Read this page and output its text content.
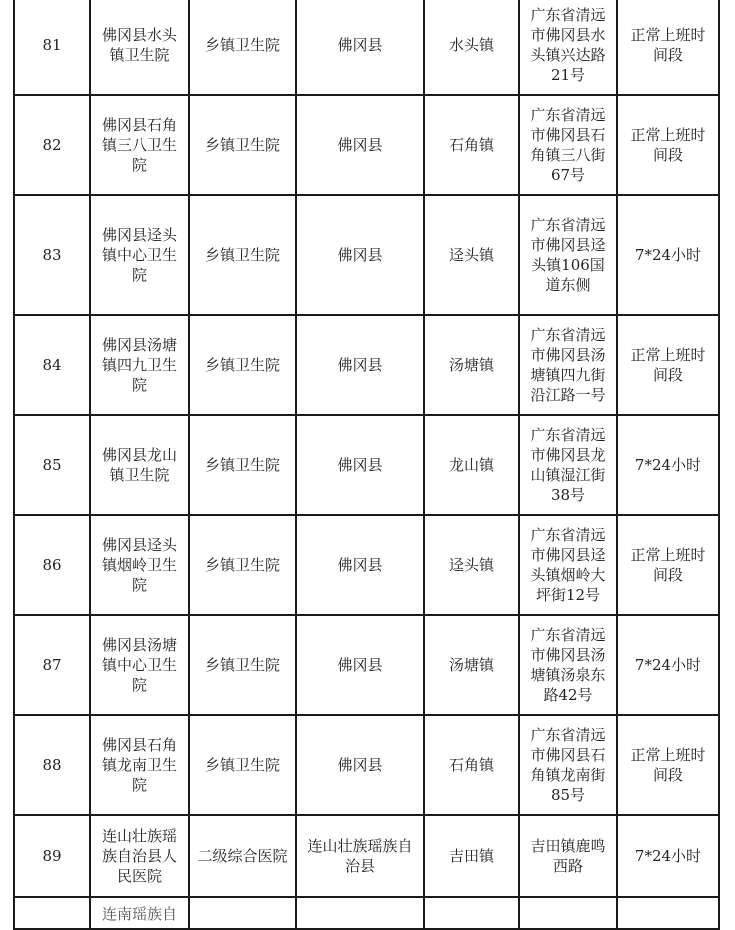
81	佛冈县水头镇卫生院	乡镇卫生院	佛冈县	水头镇	广东省清远市佛冈县水头镇兴达路21号	正常上班时间段
82	佛冈县石角镇三八卫生院	乡镇卫生院	佛冈县	石角镇	广东省清远市佛冈县石角镇三八街67号	正常上班时间段
83	佛冈县迳头镇中心卫生院	乡镇卫生院	佛冈县	迳头镇	广东省清远市佛冈县迳头镇106国道东侧	7*24小时
84	佛冈县汤塘镇四九卫生院	乡镇卫生院	佛冈县	汤塘镇	广东省清远市佛冈县汤塘镇四九街沿江路一号	正常上班时间段
85	佛冈县龙山镇卫生院	乡镇卫生院	佛冈县	龙山镇	广东省清远市佛冈县龙山镇湿江街38号	7*24小时
86	佛冈县迳头镇烟岭卫生院	乡镇卫生院	佛冈县	迳头镇	广东省清远市佛冈县迳头镇烟岭大坪街12号	正常上班时间段
87	佛冈县汤塘镇中心卫生院	乡镇卫生院	佛冈县	汤塘镇	广东省清远市佛冈县汤塘镇汤泉东路42号	7*24小时
88	佛冈县石角镇龙南卫生院	乡镇卫生院	佛冈县	石角镇	广东省清远市佛冈县石角镇龙南街85号	正常上班时间段
89	连山壮族瑶族自治县人民医院	二级综合医院	连山壮族瑶族自治县	吉田镇	吉田镇鹿鸣西路	7*24小时

	连南瑶族自					
